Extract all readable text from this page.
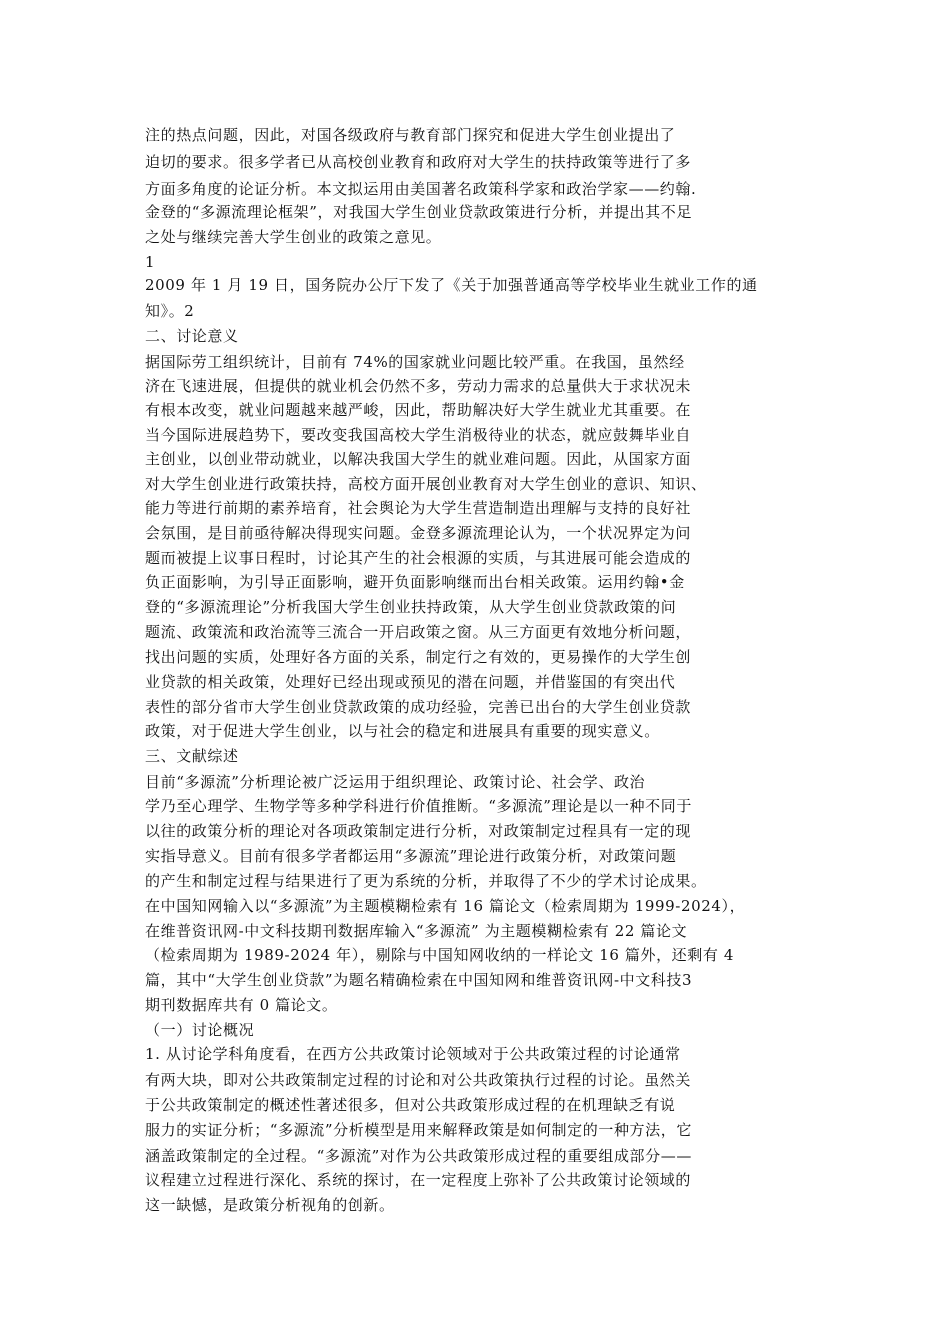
注的热点问题，因此，对国各级政府与教育部门探究和促进大学生创业提出了
迫切的要求。很多学者已从高校创业教育和政府对大学生的扶持政策等进行了多
方面多角度的论证分析。本文拟运用由美国著名政策科学家和政治学家——约翰.
金登的“多源流理论框架”，对我国大学生创业贷款政策进行分析，并提出其不足
之处与继续完善大学生创业的政策之意见。
1
2009 年 1 月 19 日，国务院办公厅下发了《关于加强普通高等学校毕业生就业工作的通
知》。2
二、讨论意义
据国际劳工组织统计，目前有 74%的国家就业问题比较严重。在我国，虽然经
济在飞速进展，但提供的就业机会仍然不多，劳动力需求的总量供大于求状况未
有根本改变，就业问题越来越严峻，因此，帮助解决好大学生就业尤其重要。在
当今国际进展趋势下，要改变我国高校大学生消极待业的状态，就应鼓舞毕业自
主创业，以创业带动就业，以解决我国大学生的就业难问题。因此，从国家方面
对大学生创业进行政策扶持，高校方面开展创业教育对大学生创业的意识、知识、
能力等进行前期的素养培育，社会舆论为大学生营造制造出理解与支持的良好社
会氛围，是目前亟待解决得现实问题。金登多源流理论认为，一个状况界定为问
题而被提上议事日程时，讨论其产生的社会根源的实质，与其进展可能会造成的
负正面影响，为引导正面影响，避开负面影响继而出台相关政策。运用约翰•金
登的“多源流理论”分析我国大学生创业扶持政策，从大学生创业贷款政策的问
题流、政策流和政治流等三流合一开启政策之窗。从三方面更有效地分析问题，
找出问题的实质，处理好各方面的关系，制定行之有效的，更易操作的大学生创
业贷款的相关政策，处理好已经出现或预见的潜在问题，并借鉴国的有突出代
表性的部分省市大学生创业贷款政策的成功经验，完善已出台的大学生创业贷款
政策，对于促进大学生创业，以与社会的稳定和进展具有重要的现实意义。
三、文献综述
目前“多源流”分析理论被广泛运用于组织理论、政策讨论、社会学、政治
学乃至心理学、生物学等多种学科进行价值推断。“多源流”理论是以一种不同于
以往的政策分析的理论对各项政策制定进行分析，对政策制定过程具有一定的现
实指导意义。目前有很多学者都运用“多源流”理论进行政策分析，对政策问题
的产生和制定过程与结果进行了更为系统的分析，并取得了不少的学术讨论成果。
在中国知网输入以“多源流”为主题模糊检索有 16 篇论文（检索周期为 1999-2024），
在维普资讯网-中文科技期刊数据库输入“多源流” 为主题模糊检索有 22 篇论文
（检索周期为 1989-2024 年），剔除与中国知网收纳的一样论文 16 篇外，还剩有 4
篇，其中“大学生创业贷款”为题名精确检索在中国知网和维普资讯网-中文科技3
期刊数据库共有 0 篇论文。
（一）讨论概况
1. 从讨论学科角度看，在西方公共政策讨论领域对于公共政策过程的讨论通常
有两大块，即对公共政策制定过程的讨论和对公共政策执行过程的讨论。虽然关
于公共政策制定的概述性著述很多，但对公共政策形成过程的在机理缺乏有说
服力的实证分析；“多源流”分析模型是用来解释政策是如何制定的一种方法，它
涵盖政策制定的全过程。“多源流”对作为公共政策形成过程的重要组成部分——
议程建立过程进行深化、系统的探讨，在一定程度上弥补了公共政策讨论领域的
这一缺憾，是政策分析视角的创新。
